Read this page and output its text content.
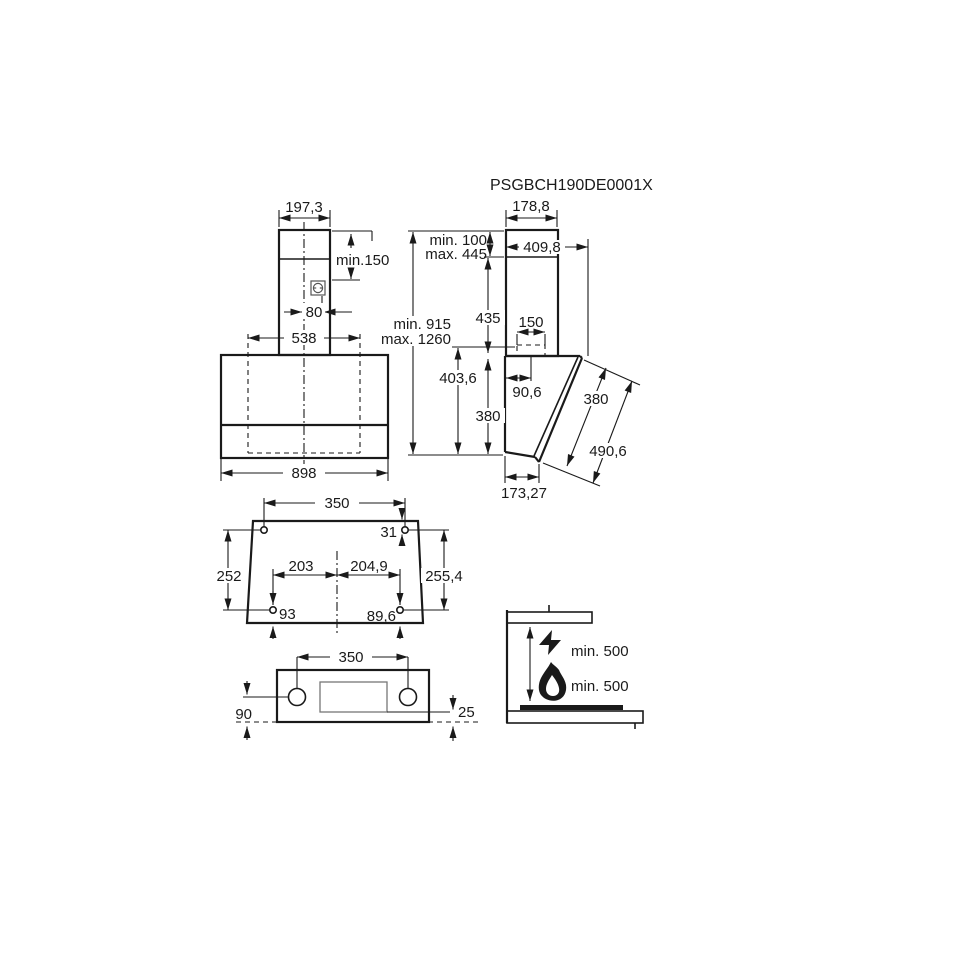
PSGBCH190DE0001X
197,3
min.150
80
538
898
178,8
min. 100
max. 445 409,8
min. 915
max. 1260
435 150
403,6
90,6
380
380
490,6
173,27
350
31
252	255,4
203 204,9
93	89,6
350
90	25
min. 500
min. 500
